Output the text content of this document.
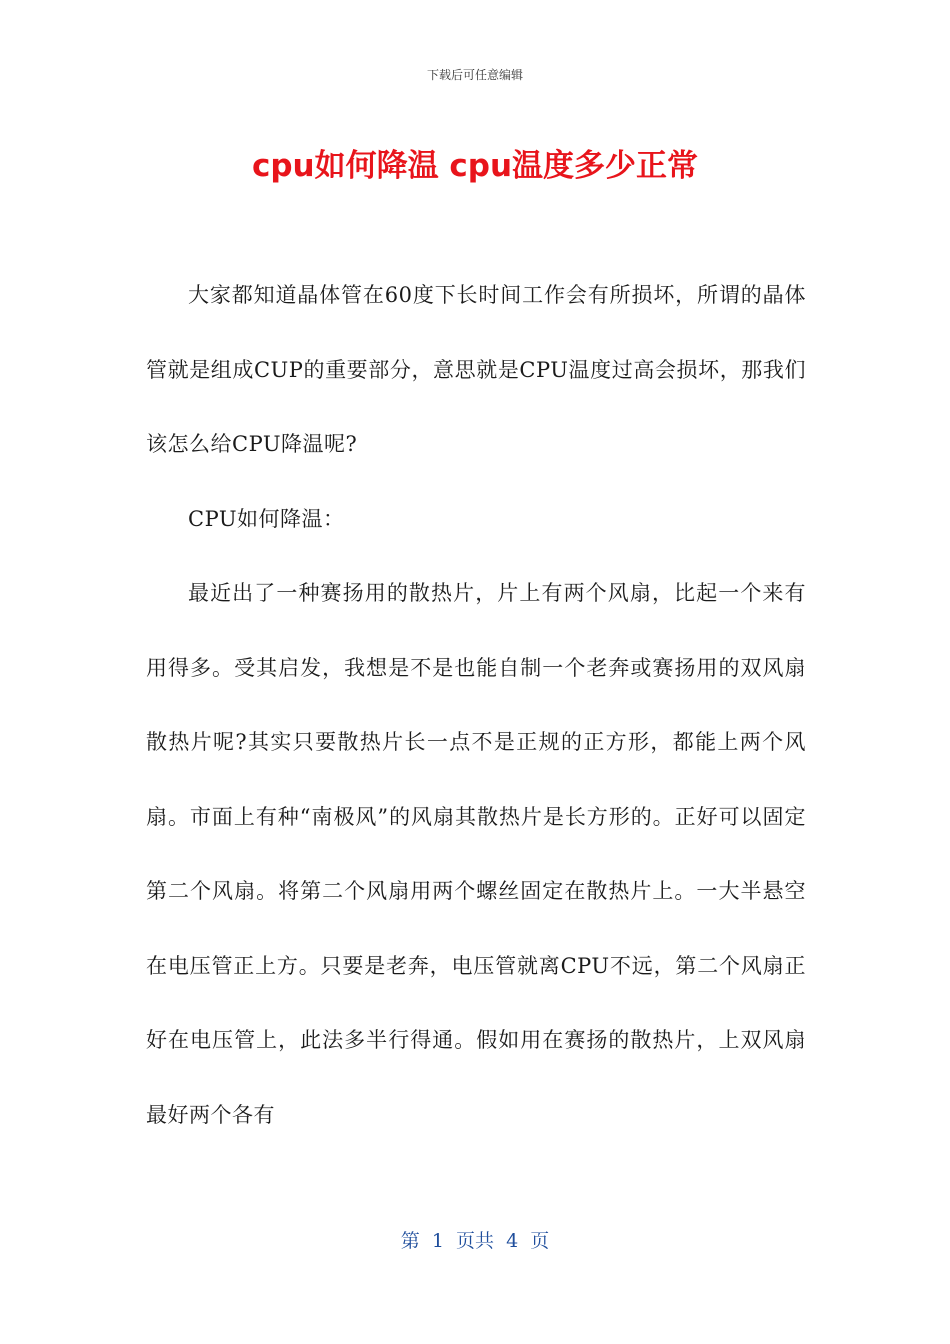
下载后可任意编辑
cpu如何降温 cpu温度多少正常

大家都知道晶体管在60度下长时间工作会有所损坏，所谓的晶体管就是组成CUP的重要部分，意思就是CPU温度过高会损坏，那我们该怎么给CPU降温呢?

CPU如何降温：

最近出了一种赛扬用的散热片，片上有两个风扇，比起一个来有用得多。受其启发，我想是不是也能自制一个老奔或赛扬用的双风扇散热片呢?其实只要散热片长一点不是正规的正方形，都能上两个风扇。市面上有种“南极风”的风扇其散热片是长方形的。正好可以固定第二个风扇。将第二个风扇用两个螺丝固定在散热片上。一大半悬空在电压管正上方。只要是老奔，电压管就离CPU不远，第二个风扇正好在电压管上，此法多半行得通。假如用在赛扬的散热片，上双风扇最好两个各有

第  1  页共  4  页
